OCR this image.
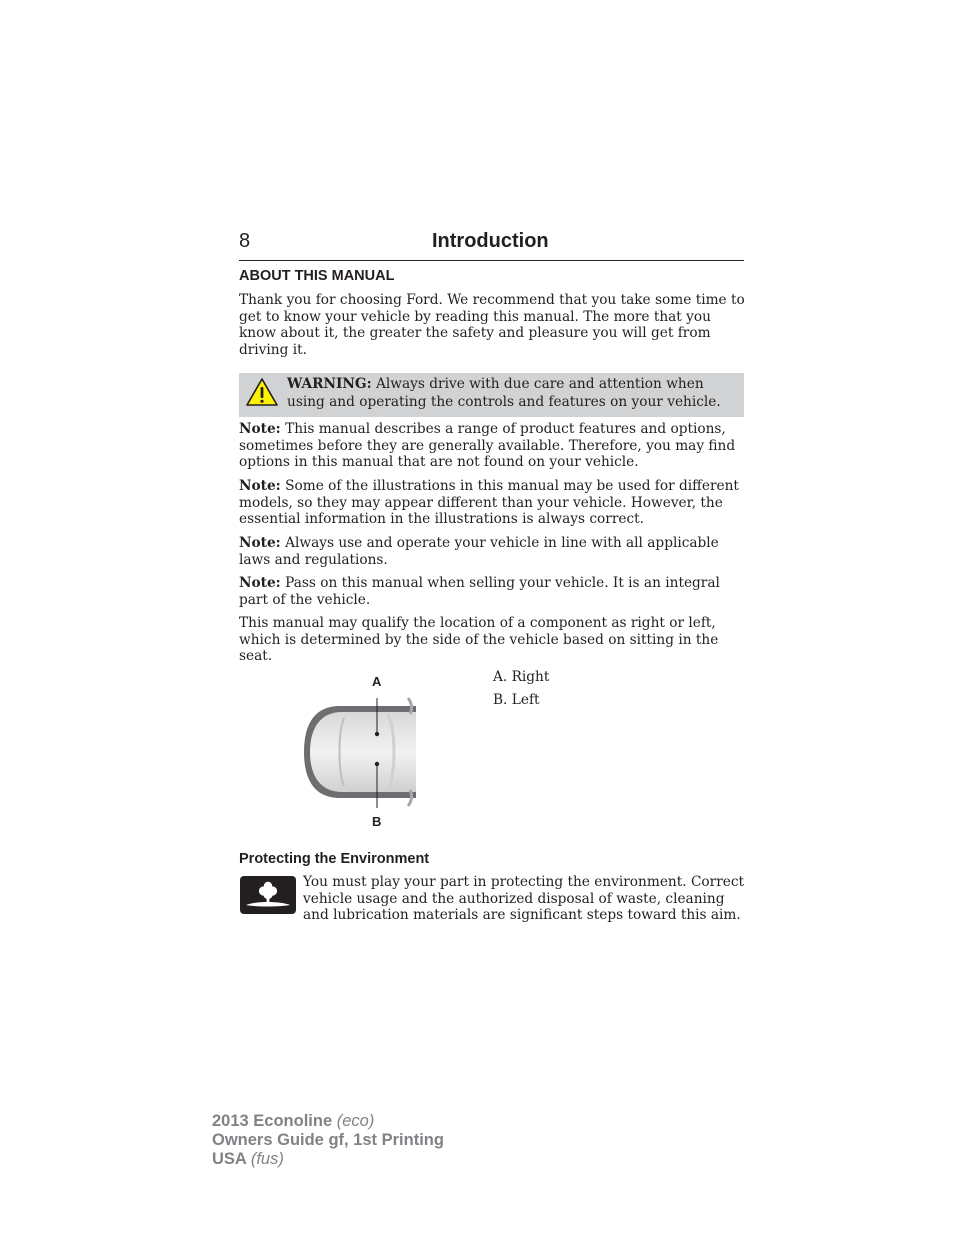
8	Introduction
ABOUT THIS MANUAL

Thank you for choosing Ford. We recommend that you take some time to get to know your vehicle by reading this manual. The more that you know about it, the greater the safety and pleasure you will get from driving it.

WARNING: Always drive with due care and attention when using and operating the controls and features on your vehicle.

Note: This manual describes a range of product features and options, sometimes before they are generally available. Therefore, you may find options in this manual that are not found on your vehicle.

Note: Some of the illustrations in this manual may be used for different models, so they may appear different than your vehicle. However, the essential information in the illustrations is always correct.

Note: Always use and operate your vehicle in line with all applicable laws and regulations.

Note: Pass on this manual when selling your vehicle. It is an integral part of the vehicle.

This manual may qualify the location of a component as right or left, which is determined by the side of the vehicle based on sitting in the seat.

A
B
A. Right
B. Left
Protecting the Environment

You must play your part in protecting the environment. Correct vehicle usage and the authorized disposal of waste, cleaning and lubrication materials are significant steps toward this aim.

2013 Econoline (eco)
Owners Guide gf, 1st Printing
USA (fus)
